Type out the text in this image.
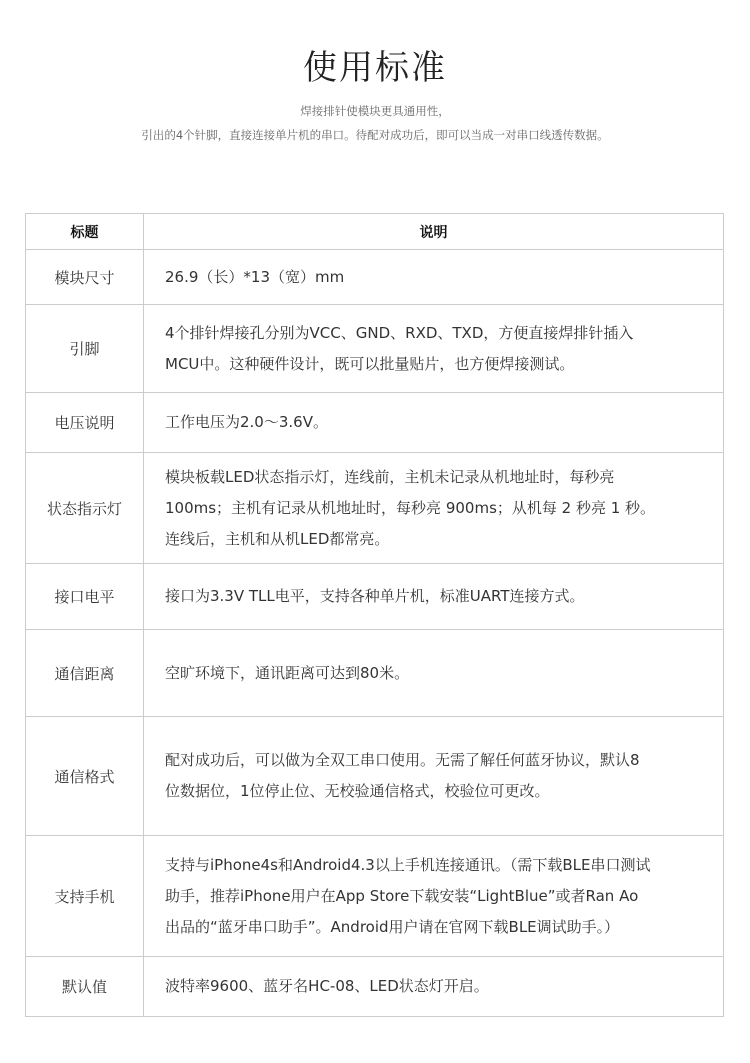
使用标准
焊接排针使模块更具通用性，
引出的4个针脚，直接连接单片机的串口。待配对成功后，即可以当成一对串口线透传数据。
标题	说明
模块尺寸	26.9（长）*13（宽）mm

引脚	4个排针焊接孔分别为VCC、GND、RXD、TXD，方便直接焊排针插入
MCU中。这种硬件设计，既可以批量贴片，也方便焊接测试。

电压说明	工作电压为2.0～3.6V。

状态指示灯	模块板载LED状态指示灯，连线前，主机未记录从机地址时，每秒亮
100ms；主机有记录从机地址时，每秒亮 900ms；从机每 2 秒亮 1 秒。
连线后，主机和从机LED都常亮。

接口电平	接口为3.3V TLL电平，支持各种单片机，标准UART连接方式。

通信距离	空旷环境下，通讯距离可达到80米。

通信格式	配对成功后，可以做为全双工串口使用。无需了解任何蓝牙协议，默认8
位数据位，1位停止位、无校验通信格式，校验位可更改。

支持手机	支持与iPhone4s和Android4.3以上手机连接通讯。（需下载BLE串口测试
助手，推荐iPhone用户在App Store下载安装“LightBlue”或者Ran Ao
出品的“蓝牙串口助手”。Android用户请在官网下载BLE调试助手。）

默认值	波特率9600、蓝牙名HC-08、LED状态灯开启。
